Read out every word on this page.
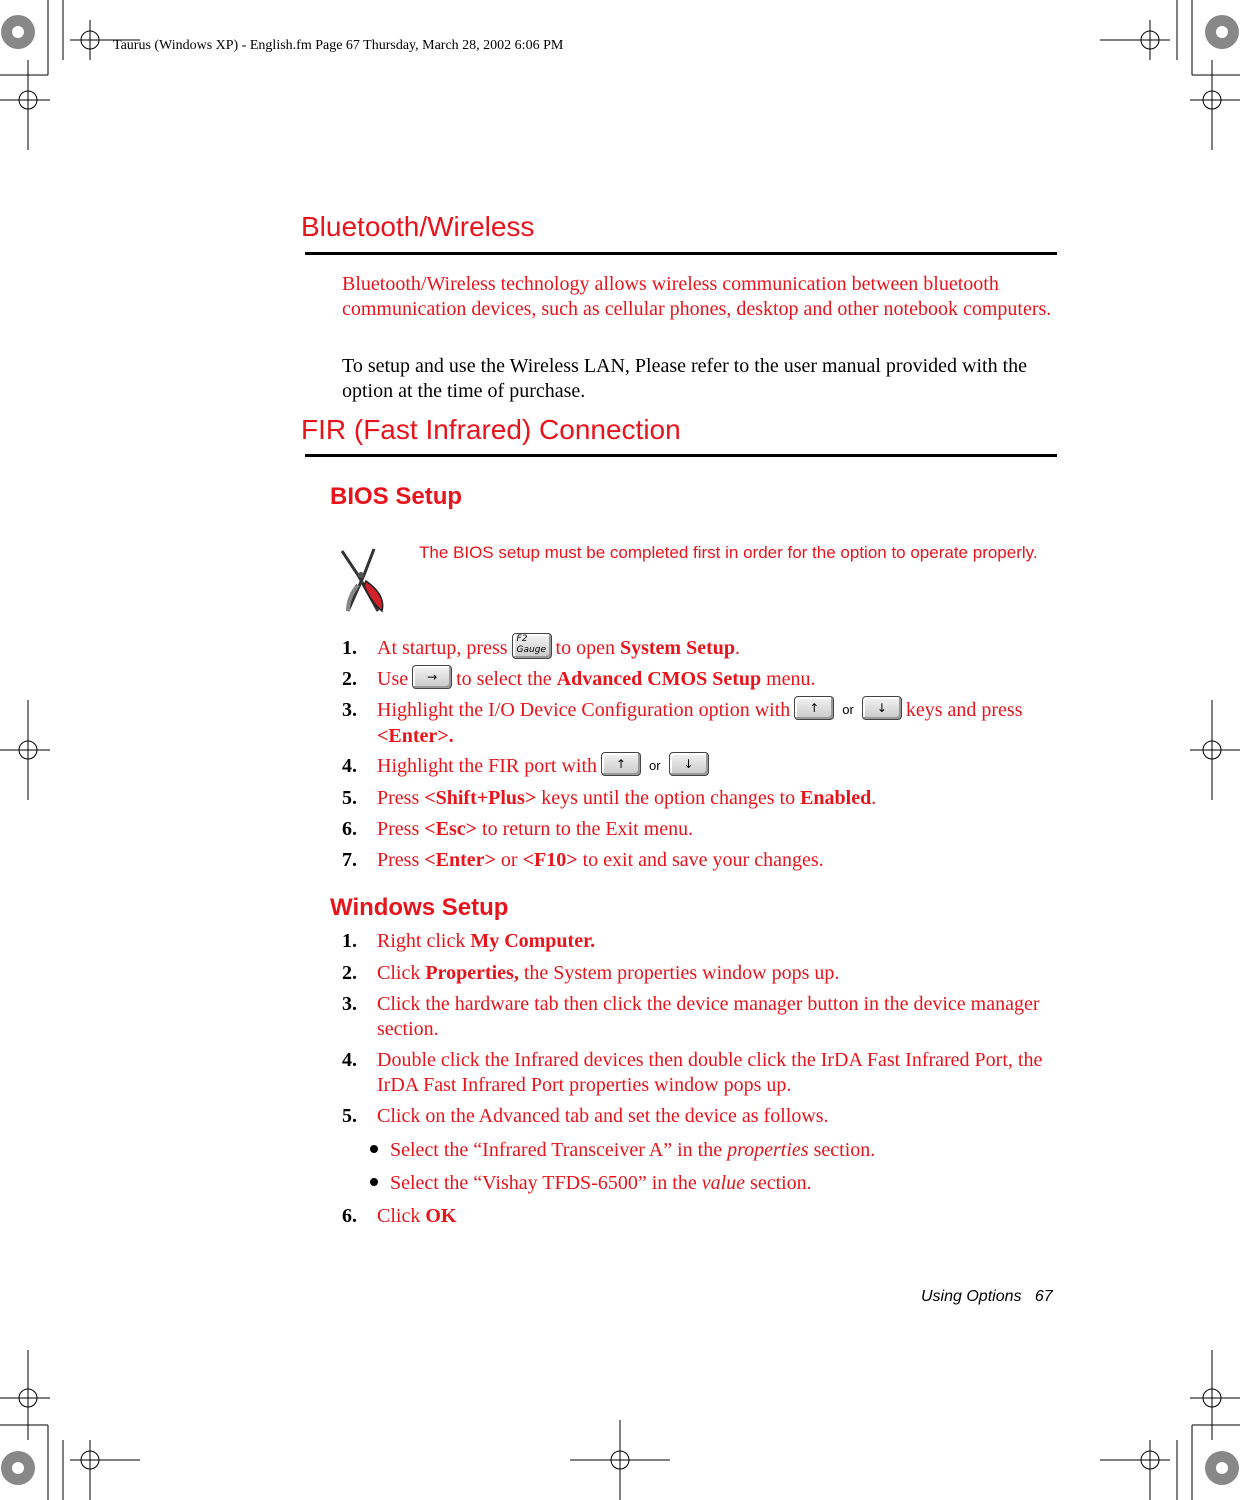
Taurus (Windows XP) - English.fm Page 67 Thursday, March 28, 2002 6:06 PM
Bluetooth/Wireless
Bluetooth/Wireless technology allows wireless communication between bluetooth communication devices, such as cellular phones, desktop and other notebook computers.
To setup and use the Wireless LAN, Please refer to the user manual provided with the option at the time of purchase.
FIR (Fast Infrared) Connection
BIOS Setup
The BIOS setup must be completed first in order for the option to operate properly.
1.	At startup, press F2
Gauge to open System Setup.
2.	Use → to select the Advanced CMOS Setup menu.
3.	Highlight the I/O Device Configuration option with ↑ or ↓ keys and press
<Enter>.
4.	Highlight the FIR port with ↑ or ↓
5.	Press <Shift+Plus> keys until the option changes to Enabled.
6.	Press <Esc> to return to the Exit menu.
7.	Press <Enter> or <F10> to exit and save your changes.
Windows Setup
1.	Right click My Computer.
2.	Click Properties, the System properties window pops up.
3.	Click the hardware tab then click the device manager button in the device manager section.
4.	Double click the Infrared devices then double click the IrDA Fast Infrared Port, the IrDA Fast Infrared Port properties window pops up.
5.	Click on the Advanced tab and set the device as follows.
Select the “Infrared Transceiver A” in the properties section.
Select the “Vishay TFDS-6500” in the value section.
6.	Click OK
Using Options 67
